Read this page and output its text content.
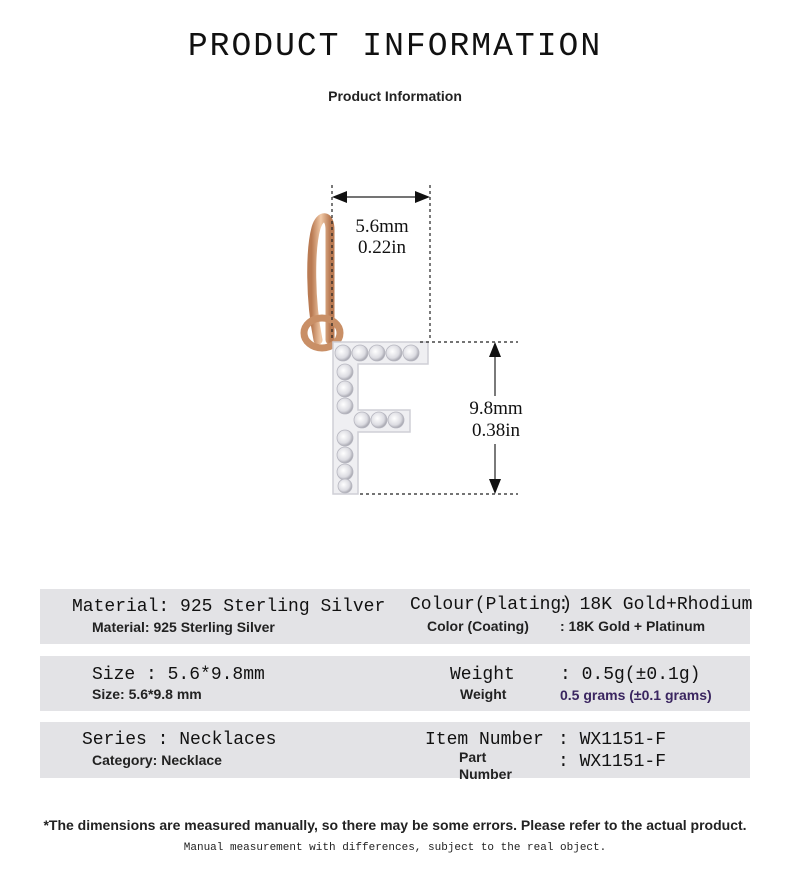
PRODUCT INFORMATION
Product Information
5.6mm
0.22in
9.8mm
0.38in
Material: 925 Sterling Silver
Material: 925 Sterling Silver
Colour(Plating)
: 18K Gold+Rhodium
Color (Coating) : 18K Gold + Platinum
Size : 5.6*9.8mm
Size: 5.6*9.8 mm
Weight	: 0.5g(±0.1g)
Weight	0.5 grams (±0.1 grams)
Series : Necklaces
Category: Necklace
Item Number : WX1151-F
Part
Number
: WX1151-F
*The dimensions are measured manually, so there may be some errors. Please refer to the actual product.
Manual measurement with differences, subject to the real object.
